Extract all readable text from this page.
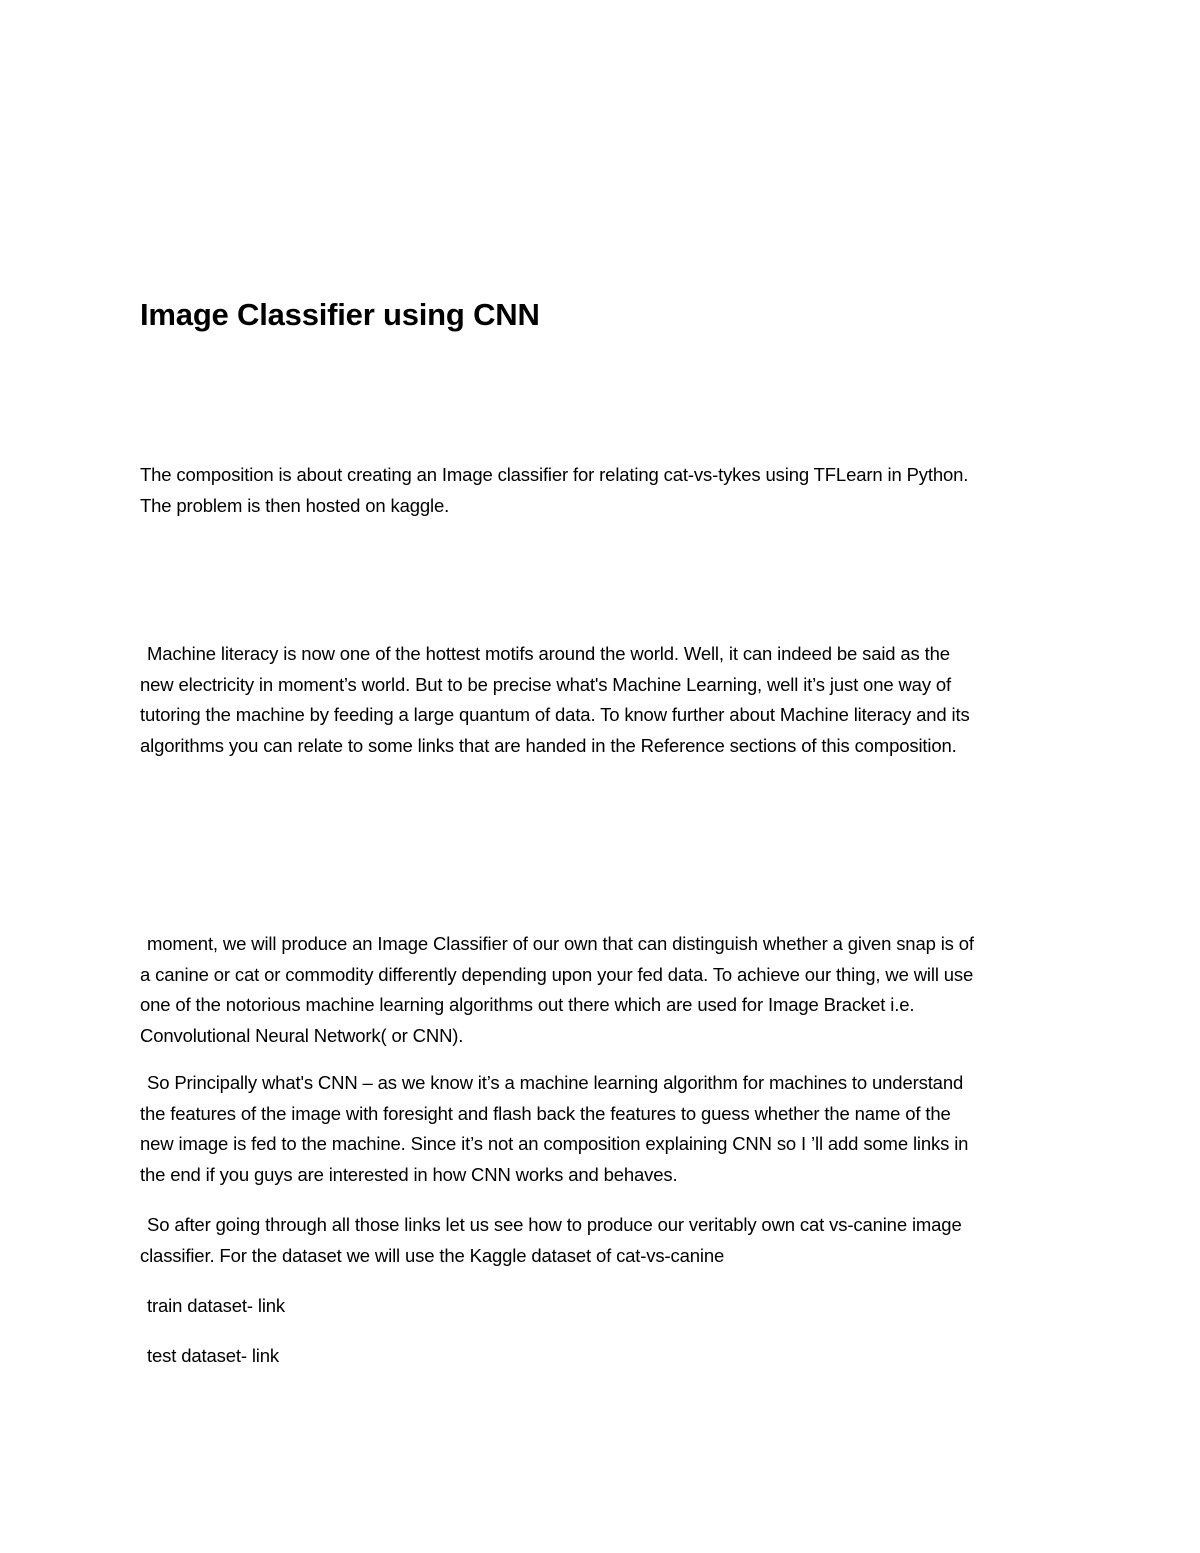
Image Classifier using CNN

The composition is about creating an Image classifier for relating cat-vs-tykes using TFLearn in Python.
The problem is then hosted on kaggle.

Machine literacy is now one of the hottest motifs around the world. Well, it can indeed be said as the
new electricity in moment’s world. But to be precise what's Machine Learning, well it’s just one way of
tutoring the machine by feeding a large quantum of data. To know further about Machine literacy and its
algorithms you can relate to some links that are handed in the Reference sections of this composition.

moment, we will produce an Image Classifier of our own that can distinguish whether a given snap is of
a canine or cat or commodity differently depending upon your fed data. To achieve our thing, we will use
one of the notorious machine learning algorithms out there which are used for Image Bracket i.e.
Convolutional Neural Network( or CNN).

So Principally what's CNN – as we know it’s a machine learning algorithm for machines to understand
the features of the image with foresight and flash back the features to guess whether the name of the
new image is fed to the machine. Since it’s not an composition explaining CNN so I ’ll add some links in
the end if you guys are interested in how CNN works and behaves.

So after going through all those links let us see how to produce our veritably own cat vs-canine image
classifier. For the dataset we will use the Kaggle dataset of cat-vs-canine

train dataset- link

test dataset- link
